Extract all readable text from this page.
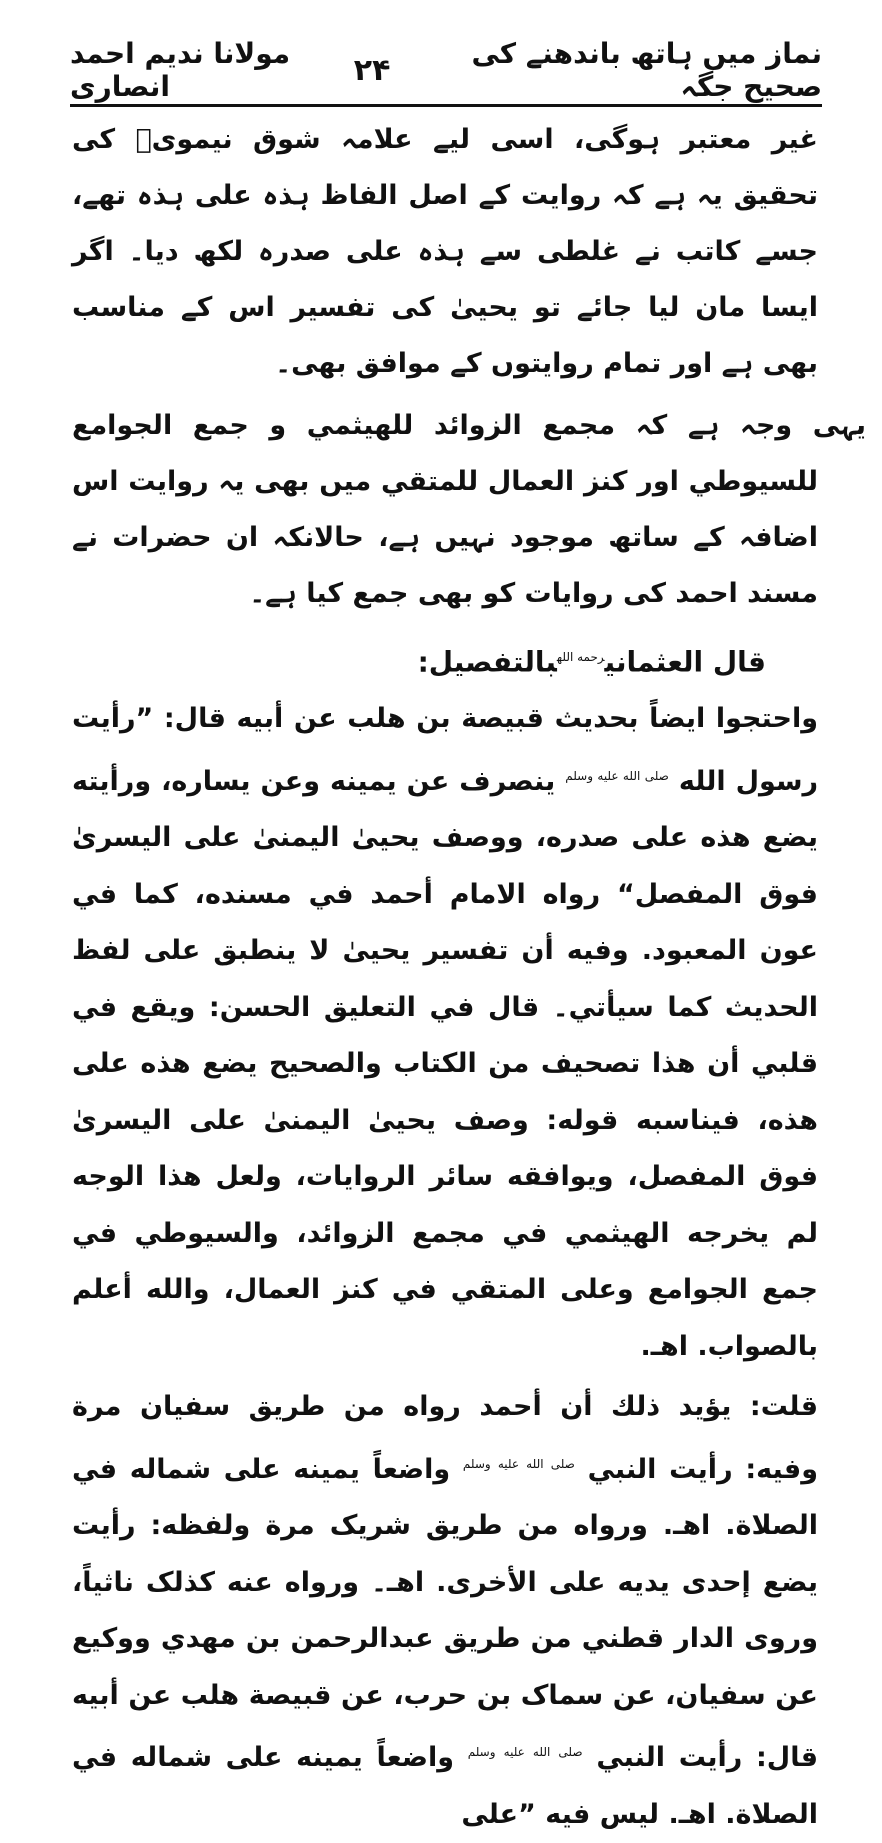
نماز میں ہاتھ باندھنے کی صحیح جگہ
۲۴
مولانا ندیم احمد انصاری

غیر معتبر ہوگی، اسی لیے علامہ شوق نیمویؒ کی تحقیق یہ ہے کہ روایت کے اصل الفاظ ہذہ علی ہذہ تھے، جسے کاتب نے غلطی سے ہذہ علی صدرہ لکھ دیا۔ اگر ایسا مان لیا جائے تو یحییٰ کی تفسیر اس کے مناسب بھی ہے اور تمام روایتوں کے موافق بھی۔

یہی وجہ ہے کہ مجمع الزوائد للهيثمي و جمع الجوامع للسيوطي اور كنز العمال للمتقي میں بھی یہ روایت اس اضافہ کے ساتھ موجود نہیں ہے، حالانکہ ان حضرات نے مسند احمد کی روایات کو بھی جمع کیا ہے۔

قال العثماني$^{رحمه الله}$بالتفصيل:

واحتجوا ايضاً بحديث قبيصة بن هلب عن أبيه قال: ”رأيت رسول الله $^{صلى الله عليه وسلم}$ ينصرف عن يمينه وعن يساره، ورأيته يضع هذه على صدره، ووصف يحيىٰ اليمنىٰ على اليسرىٰ فوق المفصل“ رواه الامام أحمد في مسنده، كما في عون المعبود. وفيه أن تفسير يحيىٰ لا ينطبق على لفظ الحديث كما سيأتي۔ قال في التعليق الحسن: ويقع في قلبي أن هذا تصحيف من الكتاب والصحيح يضع هذه على هذه، فيناسبه قوله: وصف يحيىٰ اليمنىٰ على اليسرىٰ فوق المفصل، ويوافقه سائر الروايات، ولعل هذا الوجه لم يخرجه الهيثمي في مجمع الزوائد، والسيوطي في جمع الجوامع وعلى المتقي في كنز العمال، والله أعلم بالصواب. اهـ.

قلت: يؤيد ذلك أن أحمد رواه من طريق سفيان مرة وفيه: رأيت النبي $^{صلى الله عليه وسلم}$ واضعاً يمينه على شماله في الصلاة. اهـ. ورواه من طريق شريک مرة ولفظه: رأيت يضع إحدى يديه على الأخرى. اهـ۔ ورواه عنه كذلک ناثياً، وروى الدار قطني من طريق عبدالرحمن بن مهدي ووكيع عن سفيان، عن سماک بن حرب، عن قبيصة هلب عن أبيه قال: رأيت النبي $^{صلى الله عليه وسلم}$ واضعاً يمينه على شماله في الصلاة. اهـ. ليس فيه ”على
